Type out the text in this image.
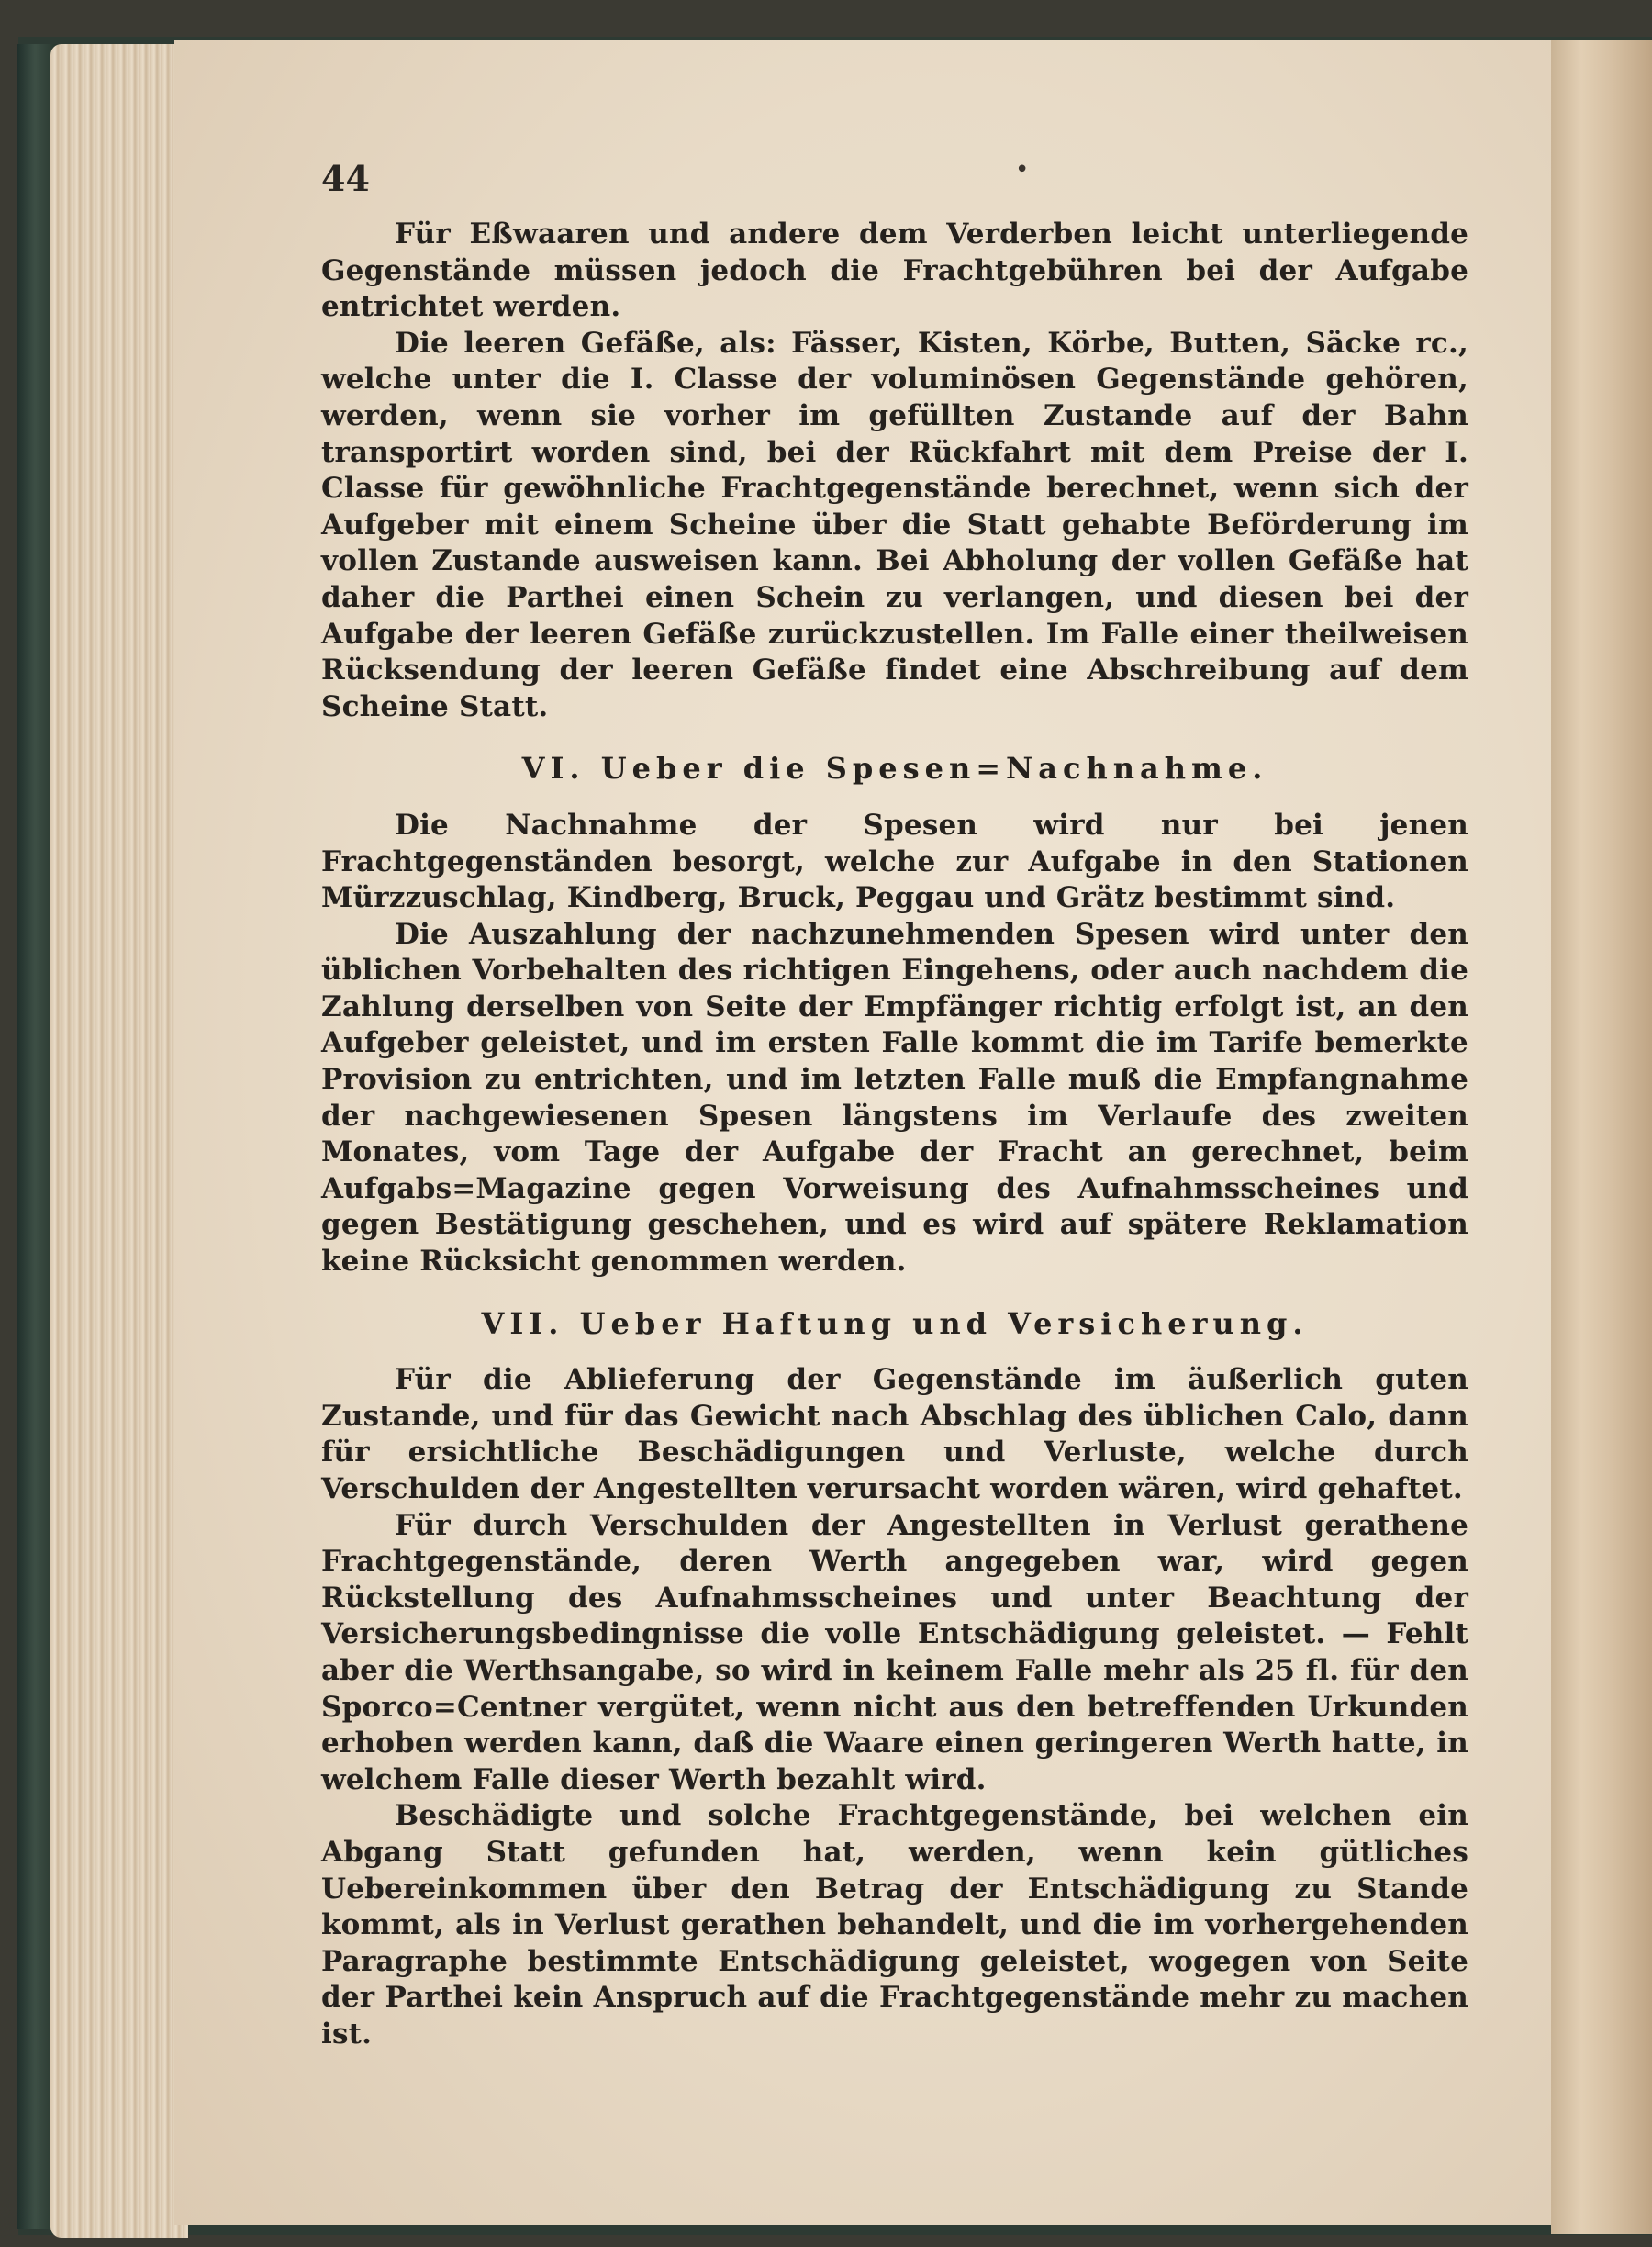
44	•

Für Eßwaaren und andere dem Verderben leicht unterliegende Gegenstände müssen jedoch die Frachtgebühren bei der Aufgabe entrichtet werden.

Die leeren Gefäße, als: Fässer, Kisten, Körbe, Butten, Säcke rc., welche unter die I. Classe der voluminösen Gegenstände gehören, werden, wenn sie vorher im gefüllten Zustande auf der Bahn transportirt worden sind, bei der Rückfahrt mit dem Preise der I. Classe für gewöhnliche Frachtgegenstände berechnet, wenn sich der Aufgeber mit einem Scheine über die Statt gehabte Beförderung im vollen Zustande ausweisen kann. Bei Abholung der vollen Gefäße hat daher die Parthei einen Schein zu verlangen, und diesen bei der Aufgabe der leeren Gefäße zurückzustellen. Im Falle einer theilweisen Rücksendung der leeren Gefäße findet eine Abschreibung auf dem Scheine Statt.

VI. Ueber die Spesen=Nachnahme.

Die Nachnahme der Spesen wird nur bei jenen Frachtgegenständen besorgt, welche zur Aufgabe in den Stationen Mürzzuschlag, Kindberg, Bruck, Peggau und Grätz bestimmt sind.

Die Auszahlung der nachzunehmenden Spesen wird unter den üblichen Vorbehalten des richtigen Eingehens, oder auch nachdem die Zahlung derselben von Seite der Empfänger richtig erfolgt ist, an den Aufgeber geleistet, und im ersten Falle kommt die im Tarife bemerkte Provision zu entrichten, und im letzten Falle muß die Empfangnahme der nachgewiesenen Spesen längstens im Verlaufe des zweiten Monates, vom Tage der Aufgabe der Fracht an gerechnet, beim Aufgabs=Magazine gegen Vorweisung des Aufnahmsscheines und gegen Bestätigung geschehen, und es wird auf spätere Reklamation keine Rücksicht genommen werden.

VII. Ueber Haftung und Versicherung.

Für die Ablieferung der Gegenstände im äußerlich guten Zustande, und für das Gewicht nach Abschlag des üblichen Calo, dann für ersichtliche Beschädigungen und Verluste, welche durch Verschulden der Angestellten verursacht worden wären, wird gehaftet.

Für durch Verschulden der Angestellten in Verlust gerathene Frachtgegenstände, deren Werth angegeben war, wird gegen Rückstellung des Aufnahmsscheines und unter Beachtung der Versicherungsbedingnisse die volle Entschädigung geleistet. — Fehlt aber die Werthsangabe, so wird in keinem Falle mehr als 25 fl. für den Sporco=Centner vergütet, wenn nicht aus den betreffenden Urkunden erhoben werden kann, daß die Waare einen geringeren Werth hatte, in welchem Falle dieser Werth bezahlt wird.

Beschädigte und solche Frachtgegenstände, bei welchen ein Abgang Statt gefunden hat, werden, wenn kein gütliches Uebereinkommen über den Betrag der Entschädigung zu Stande kommt, als in Verlust gerathen behandelt, und die im vorhergehenden Paragraphe bestimmte Entschädigung geleistet, wogegen von Seite der Parthei kein Anspruch auf die Frachtgegenstände mehr zu machen ist.
